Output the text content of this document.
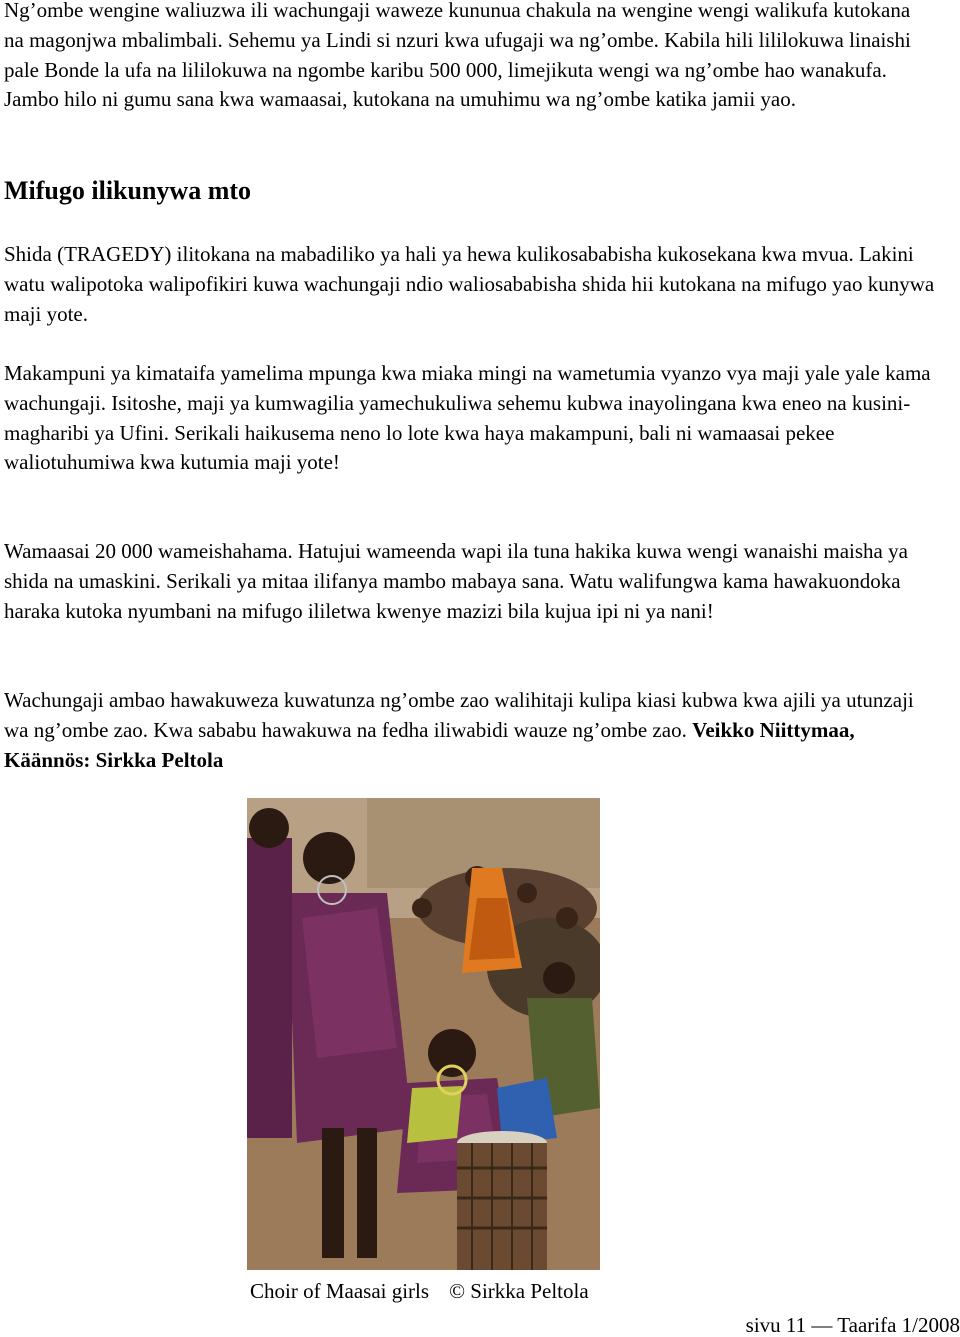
Ng’ombe wengine waliuzwa ili wachungaji waweze kununua chakula na wengine wengi walikufa kutokana na magonjwa mbalimbali. Sehemu ya Lindi si nzuri kwa ufugaji wa ng’ombe. Kabila hili lililokuwa linaishi pale Bonde la ufa na lililokuwa na ngombe karibu 500 000, limejikuta wengi wa ng’ombe hao wanakufa. Jambo hilo ni gumu sana kwa wamaasai, kutokana na umuhimu wa ng’ombe katika jamii yao.

Mifugo ilikunywa mto

Shida (TRAGEDY) ilitokana na mabadiliko ya hali ya hewa kulikosababisha kukosekana kwa mvua. Lakini watu walipotoka walipofikiri kuwa wachungaji ndio waliosababisha shida hii kutokana na mifugo yao kunywa maji yote.

Makampuni ya kimataifa yamelima mpunga kwa miaka mingi na wametumia vyanzo vya maji yale yale kama wachungaji. Isitoshe, maji ya kumwagilia yamechukuliwa sehemu kubwa inayolingana kwa eneo na kusini-magharibi ya Ufini. Serikali haikusema neno lo lote kwa haya makampuni, bali ni wamaasai pekee waliotuhumiwa kwa kutumia maji yote!

Wamaasai 20 000 wameishahama. Hatujui wameenda wapi ila tuna hakika kuwa wengi wanaishi maisha ya shida na umaskini. Serikali ya mitaa ilifanya mambo mabaya sana. Watu walifungwa kama hawakuondoka haraka kutoka nyumbani na mifugo ililetwa kwenye mazizi bila kujua ipi ni ya nani!

Wachungaji ambao hawakuweza kuwatunza ng’ombe zao walihitaji kulipa kiasi kubwa kwa ajili ya utunzaji wa ng’ombe zao. Kwa sababu hawakuwa na fedha iliwabidi wauze ng’ombe zao. Veikko Niittymaa, Käännös: Sirkka Peltola

Choir of Maasai girls © Sirkka Peltola
sivu 11 — Taarifa 1/2008
